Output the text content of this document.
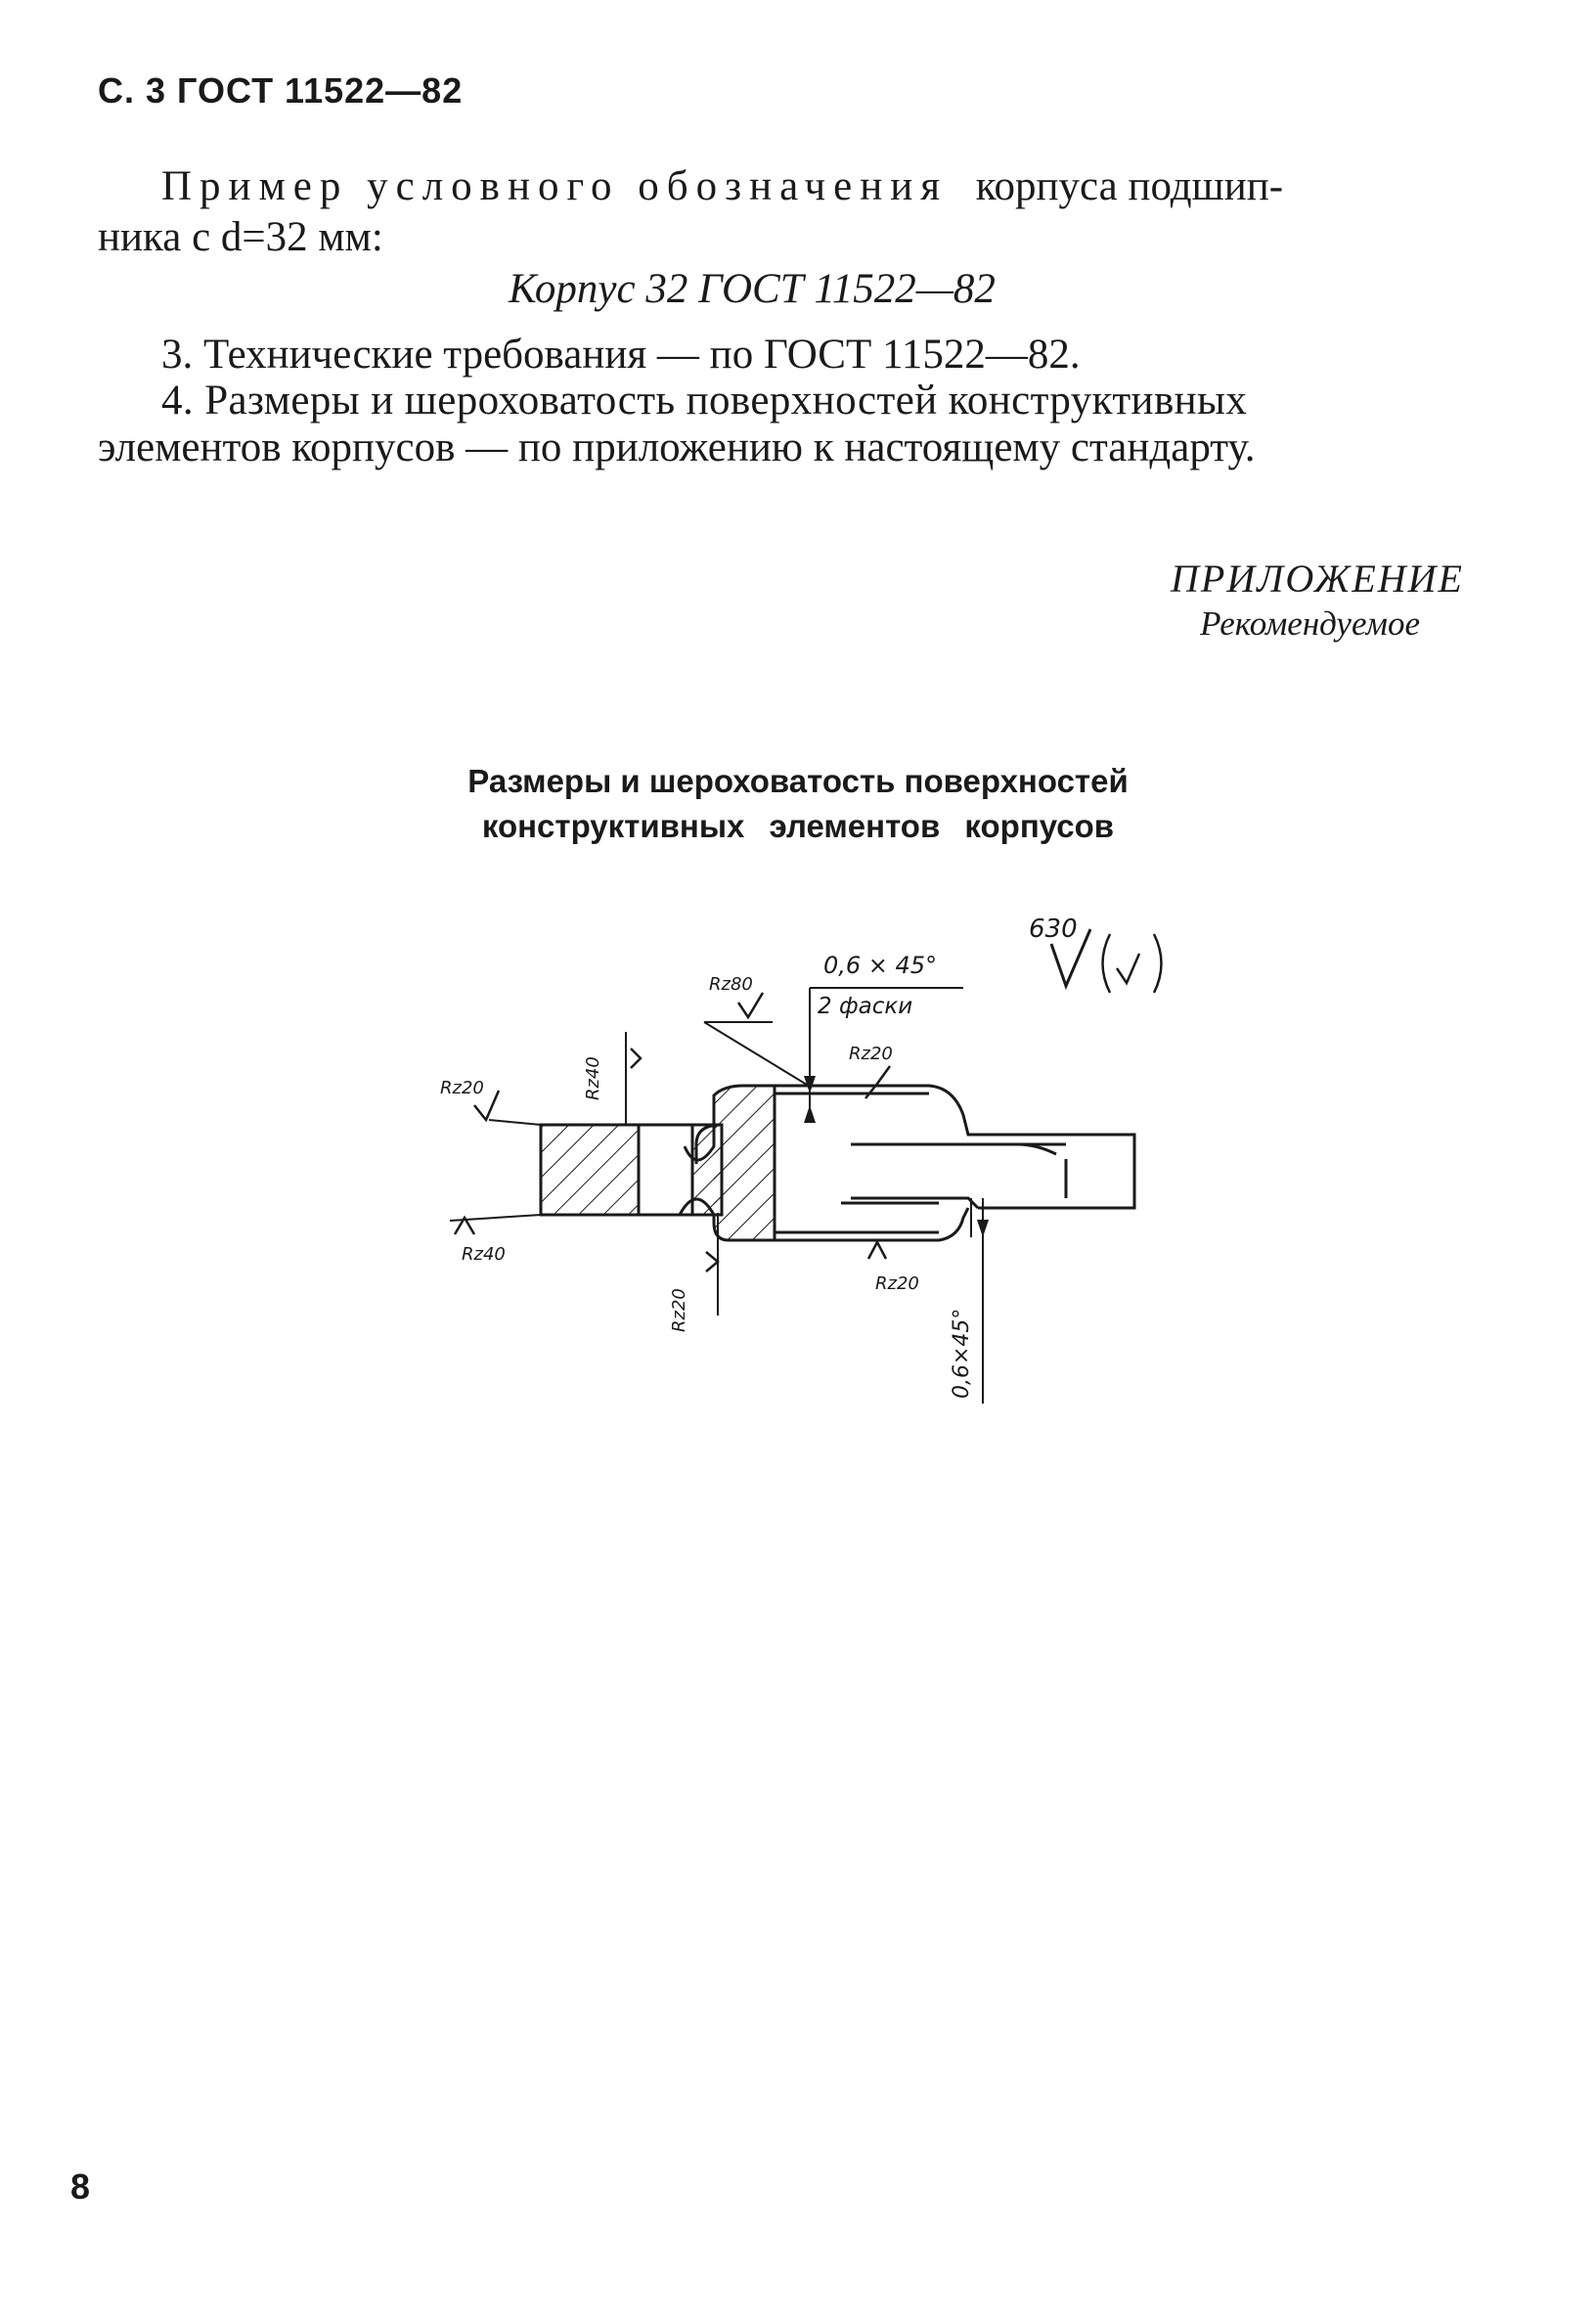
С. 3 ГОСТ 11522—82
Пример условного обозначения корпуса подшип-
ника с d=32 мм:
Корпус 32 ГОСТ 11522—82
3. Технические требования — по ГОСТ 11522—82.
4. Размеры и шероховатость поверхностей конструктивных
элементов корпусов — по приложению к настоящему стандарту.
ПРИЛОЖЕНИЕ
Рекомендуемое
Размеры и шероховатость поверхностей
конструктивных элементов корпусов
630
0,6 × 45°
2 фаски
Rz80
Rz40
Rz20
Rz20
Rz40
Rz20
Rz20
0,6×45°
8
